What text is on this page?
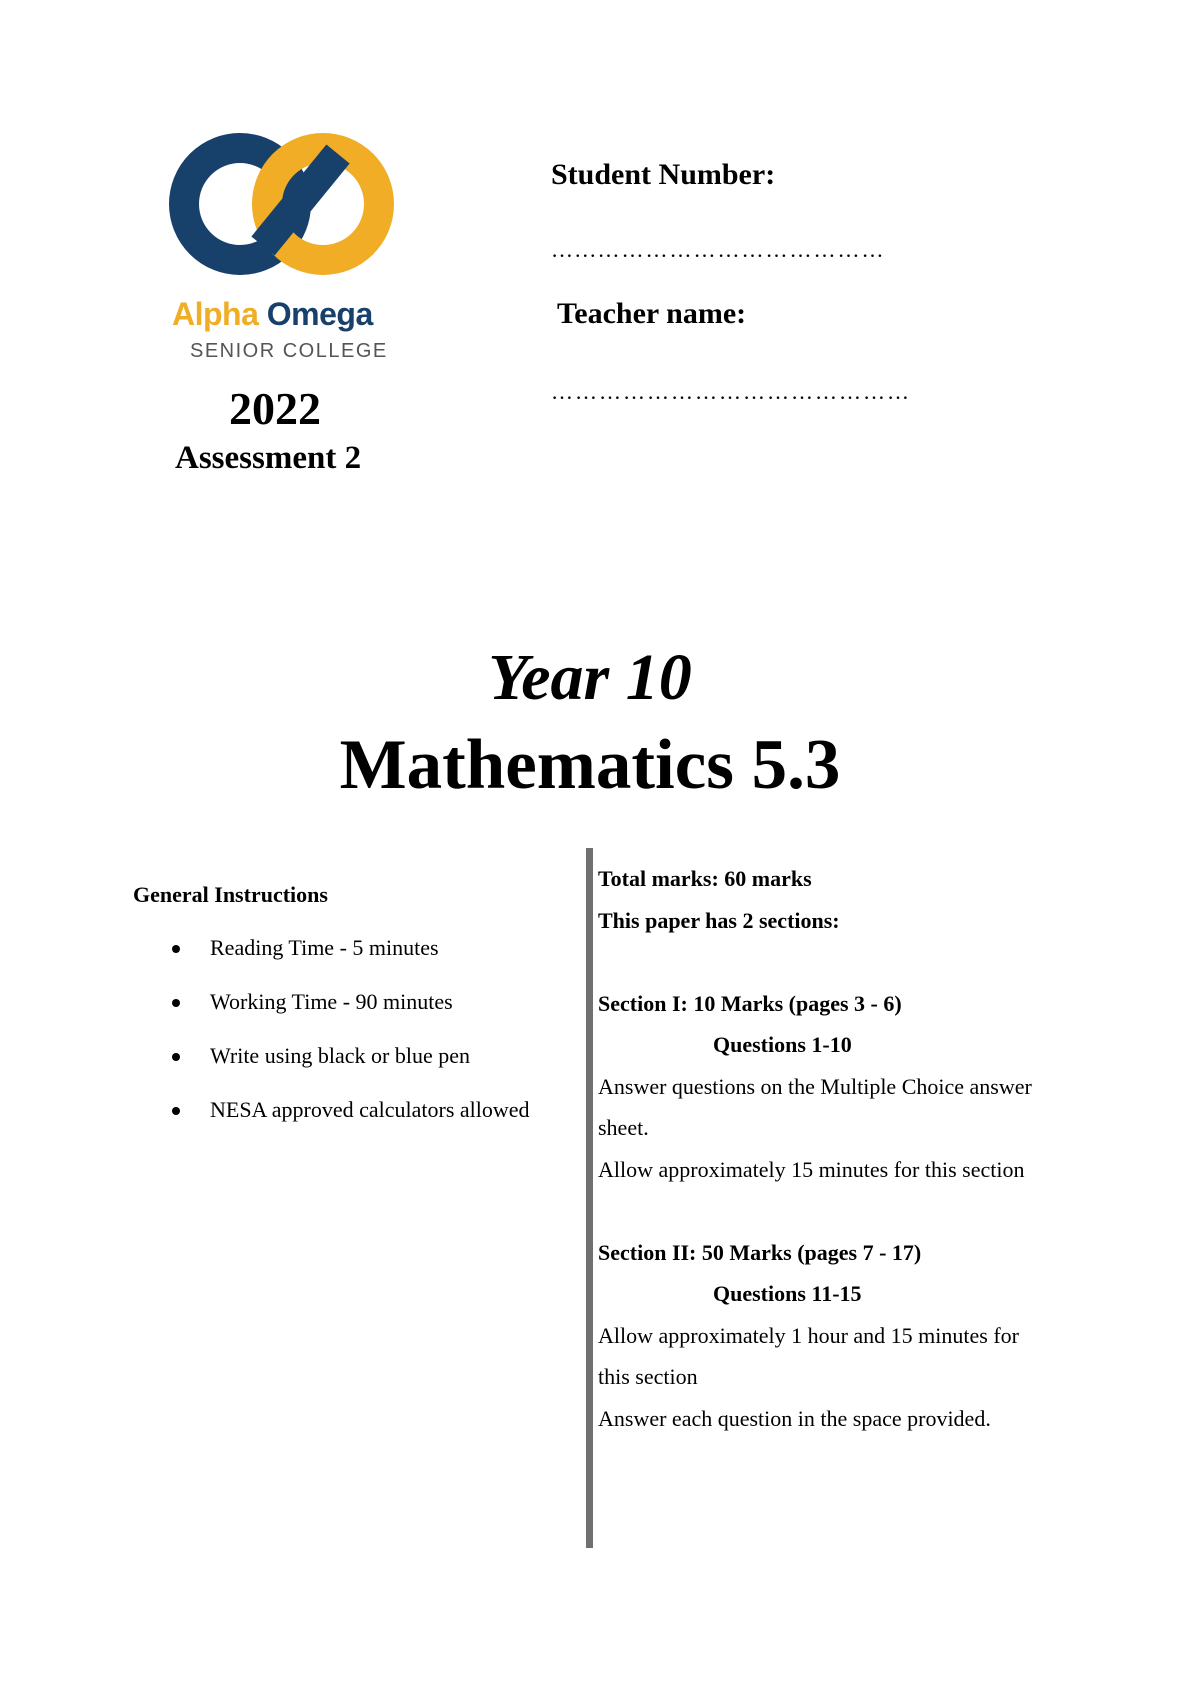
Alpha Omega
SENIOR COLLEGE
2022
Assessment 2
Student Number:
…...………………………………
Teacher name:
………………………………………
Year 10
Mathematics 5.3
General Instructions
Reading Time - 5 minutes
Working Time - 90 minutes
Write using black or blue pen
NESA approved calculators allowed
Total marks: 60 marks
This paper has 2 sections:
Section I: 10 Marks (pages 3 - 6)
Questions 1-10
Answer questions on the Multiple Choice answer
sheet.
Allow approximately 15 minutes for this section
Section II: 50 Marks (pages 7 - 17)
Questions 11-15
Allow approximately 1 hour and 15 minutes for
this section
Answer each question in the space provided.
